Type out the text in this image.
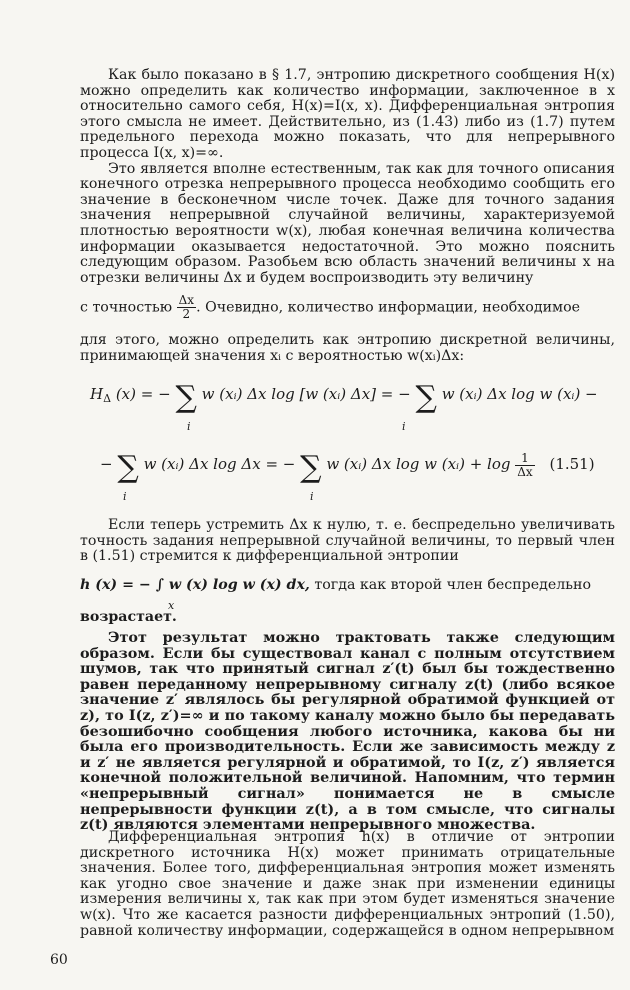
Как было показано в § 1.7, энтропию дискретного сообщения H(x) можно определить как количество информации, заключенное в x относительно самого себя, H(x)=I(x, x). Дифференциальная энтропия этого смысла не имеет. Действительно, из (1.43) либо из (1.7) путем предельного перехода можно показать, что для непрерывного процесса I(x, x)=∞.

Это является вполне естественным, так как для точного описания конечного отрезка непрерывного процесса необходимо сообщить его значение в бесконечном числе точек. Даже для точного задания значения непрерывной случайной величины, характеризуемой плотностью вероятности w(x), любая конечная величина количества информации оказывается недостаточной. Это можно пояснить следующим образом. Разобьем всю область значений величины x на отрезки величины Δx и будем воспроизводить эту величину

с точностью $\frac{\Delta x}{2}$ . Очевидно, количество информации, необходимое

для этого, можно определить как энтропию дискретной величины, принимающей значения xᵢ с вероятностью w(xᵢ)Δx:

$H_\Delta$ (x) = − ∑ w (xᵢ) Δx log [w (xᵢ) Δx] = − ∑ w (xᵢ) Δx log w (xᵢ) −
i	i
− ∑ w (xᵢ) Δx log Δx = − ∑ w (xᵢ) Δx log w (xᵢ) + $\log \frac{1}{\Delta x} (1.51)$
i	i

Если теперь устремить Δx к нулю, т. е. беспредельно увеличивать точность задания непрерывной случайной величины, то первый член в (1.51) стремится к дифференциальной энтропии

h (x) = − ∫ w (x) log w (x) dx, тогда как второй член беспредельно

x

возрастает.

Этот результат можно трактовать также следующим образом. Если бы существовал канал с полным отсутствием шумов, так что принятый сигнал z′(t) был бы тождественно равен переданному непрерывному сигналу z(t) (либо всякое значение z′ являлось бы регулярной обратимой функцией от z), то I(z, z′)=∞ и по такому каналу можно было бы передавать безошибочно сообщения любого источника, какова бы ни была его производительность. Если же зависимость между z и z′ не является регулярной и обратимой, то I(z, z′) является конечной положительной величиной. Напомним, что термин «непрерывный сигнал» понимается не в смысле непрерывности функции z(t), а в том смысле, что сигналы z(t) являются элементами непрерывного множества.

Дифференциальная энтропия h(x) в отличие от энтропии дискретного источника H(x) может принимать отрицательные значения. Более того, дифференциальная энтропия может изменять как угодно свое значение и даже знак при изменении единицы измерения величины x, так как при этом будет изменяться значение w(x). Что же касается разности дифференциальных энтропий (1.50), равной количеству информации, содержащейся в одном непрерывном

60
